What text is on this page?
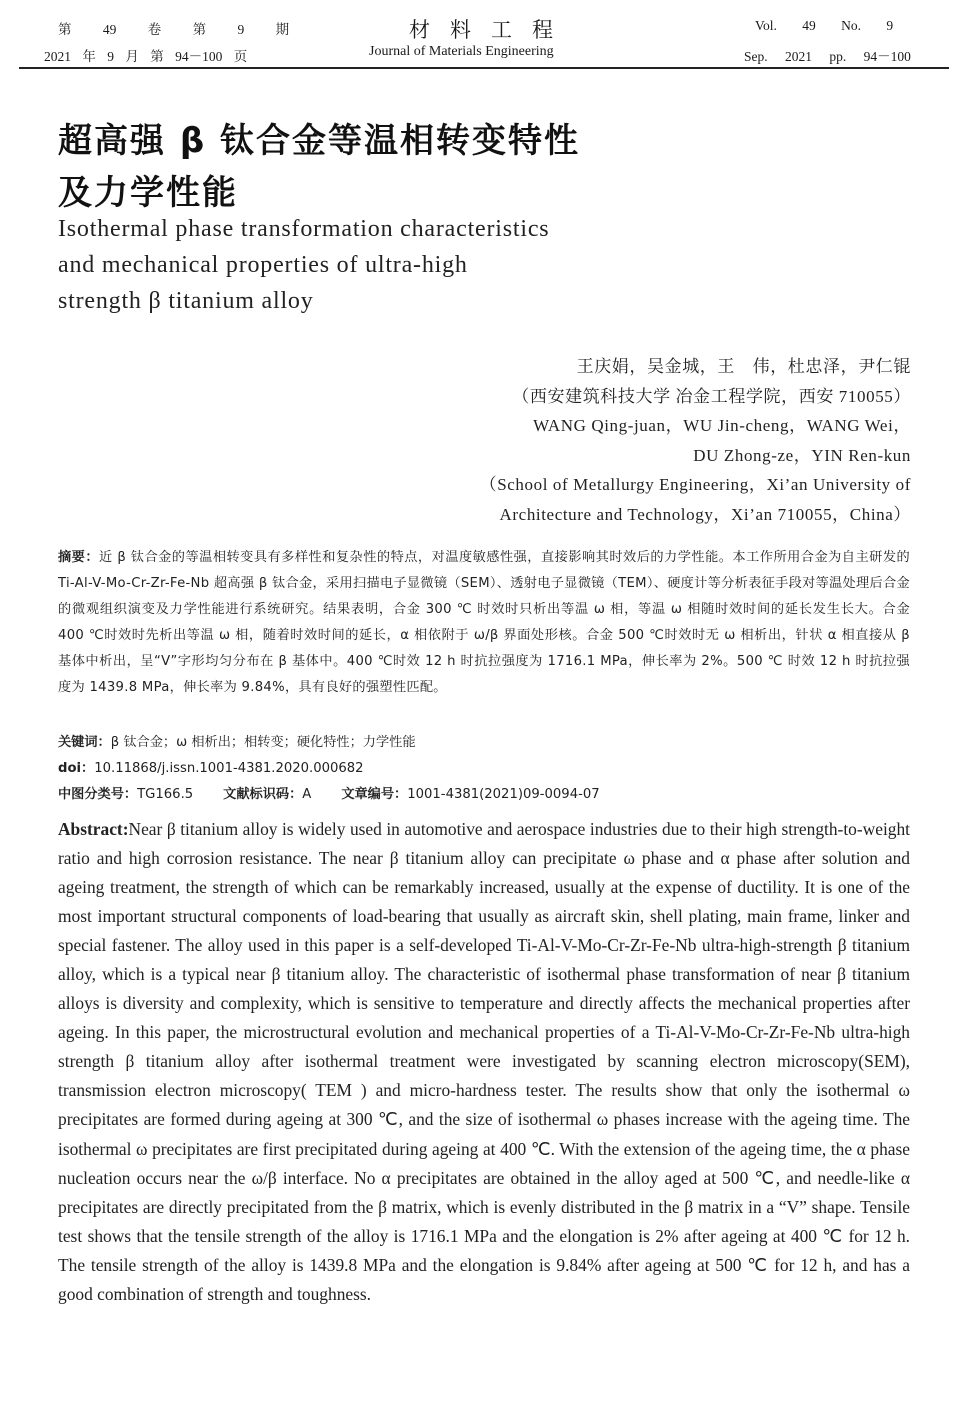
第 49 卷 第 9 期
2021 年 9 月 第 94－100 页
材料工程
Journal of Materials Engineering
Vol. 49 No. 9
Sep. 2021 pp. 94－100
超高强 β 钛合金等温相转变特性
及力学性能
Isothermal phase transformation characteristics
and mechanical properties of ultra-high
strength β titanium alloy
王庆娟，吴金城，王　伟，杜忠泽，尹仁锟
（西安建筑科技大学 冶金工程学院，西安 710055）
WANG Qing-juan，WU Jin-cheng，WANG Wei，
DU Zhong-ze，YIN Ren-kun
（School of Metallurgy Engineering，Xi’an University of
Architecture and Technology，Xi’an 710055，China）
摘要：近 β 钛合金的等温相转变具有多样性和复杂性的特点，对温度敏感性强，直接影响其时效后的力学性能。本工作所用合金为自主研发的 Ti-Al-V-Mo-Cr-Zr-Fe-Nb 超高强 β 钛合金，采用扫描电子显微镜（SEM）、透射电子显微镜（TEM）、硬度计等分析表征手段对等温处理后合金的微观组织演变及力学性能进行系统研究。结果表明，合金 300 ℃ 时效时只析出等温 ω 相，等温 ω 相随时效时间的延长发生长大。合金 400 ℃时效时先析出等温 ω 相，随着时效时间的延长，α 相依附于 ω/β 界面处形核。合金 500 ℃时效时无 ω 相析出，针状 α 相直接从 β 基体中析出，呈“V”字形均匀分布在 β 基体中。400 ℃时效 12 h 时抗拉强度为 1716.1 MPa，伸长率为 2%。500 ℃ 时效 12 h 时抗拉强度为 1439.8 MPa，伸长率为 9.84%，具有良好的强塑性匹配。
关键词：β 钛合金；ω 相析出；相转变；硬化特性；力学性能
doi：10.11868/j.issn.1001-4381.2020.000682
中图分类号：TG166.5 文献标识码：A 文章编号：1001-4381(2021)09-0094-07
Abstract:Near β titanium alloy is widely used in automotive and aerospace industries due to their high strength-to-weight ratio and high corrosion resistance. The near β titanium alloy can precipitate ω phase and α phase after solution and ageing treatment, the strength of which can be remarkably increased, usually at the expense of ductility. It is one of the most important structural components of load-bearing that usually as aircraft skin, shell plating, main frame, linker and special fastener. The alloy used in this paper is a self-developed Ti-Al-V-Mo-Cr-Zr-Fe-Nb ultra-high-strength β titanium alloy, which is a typical near β titanium alloy. The characteristic of isothermal phase transformation of near β titanium alloys is diversity and complexity, which is sensitive to temperature and directly affects the mechanical properties after ageing. In this paper, the microstructural evolution and mechanical properties of a Ti-Al-V-Mo-Cr-Zr-Fe-Nb ultra-high strength β titanium alloy after isothermal treatment were investigated by scanning electron microscopy(SEM), transmission electron microscopy( TEM ) and micro-hardness tester. The results show that only the isothermal ω precipitates are formed during ageing at 300 ℃, and the size of isothermal ω phases increase with the ageing time. The isothermal ω precipitates are first precipitated during ageing at 400 ℃. With the extension of the ageing time, the α phase nucleation occurs near the ω/β interface. No α precipitates are obtained in the alloy aged at 500 ℃, and needle-like α precipitates are directly precipitated from the β matrix, which is evenly distributed in the β matrix in a “V” shape. Tensile test shows that the tensile strength of the alloy is 1716.1 MPa and the elongation is 2% after ageing at 400 ℃ for 12 h. The tensile strength of the alloy is 1439.8 MPa and the elongation is 9.84% after ageing at 500 ℃ for 12 h, and has a good combination of strength and toughness.
